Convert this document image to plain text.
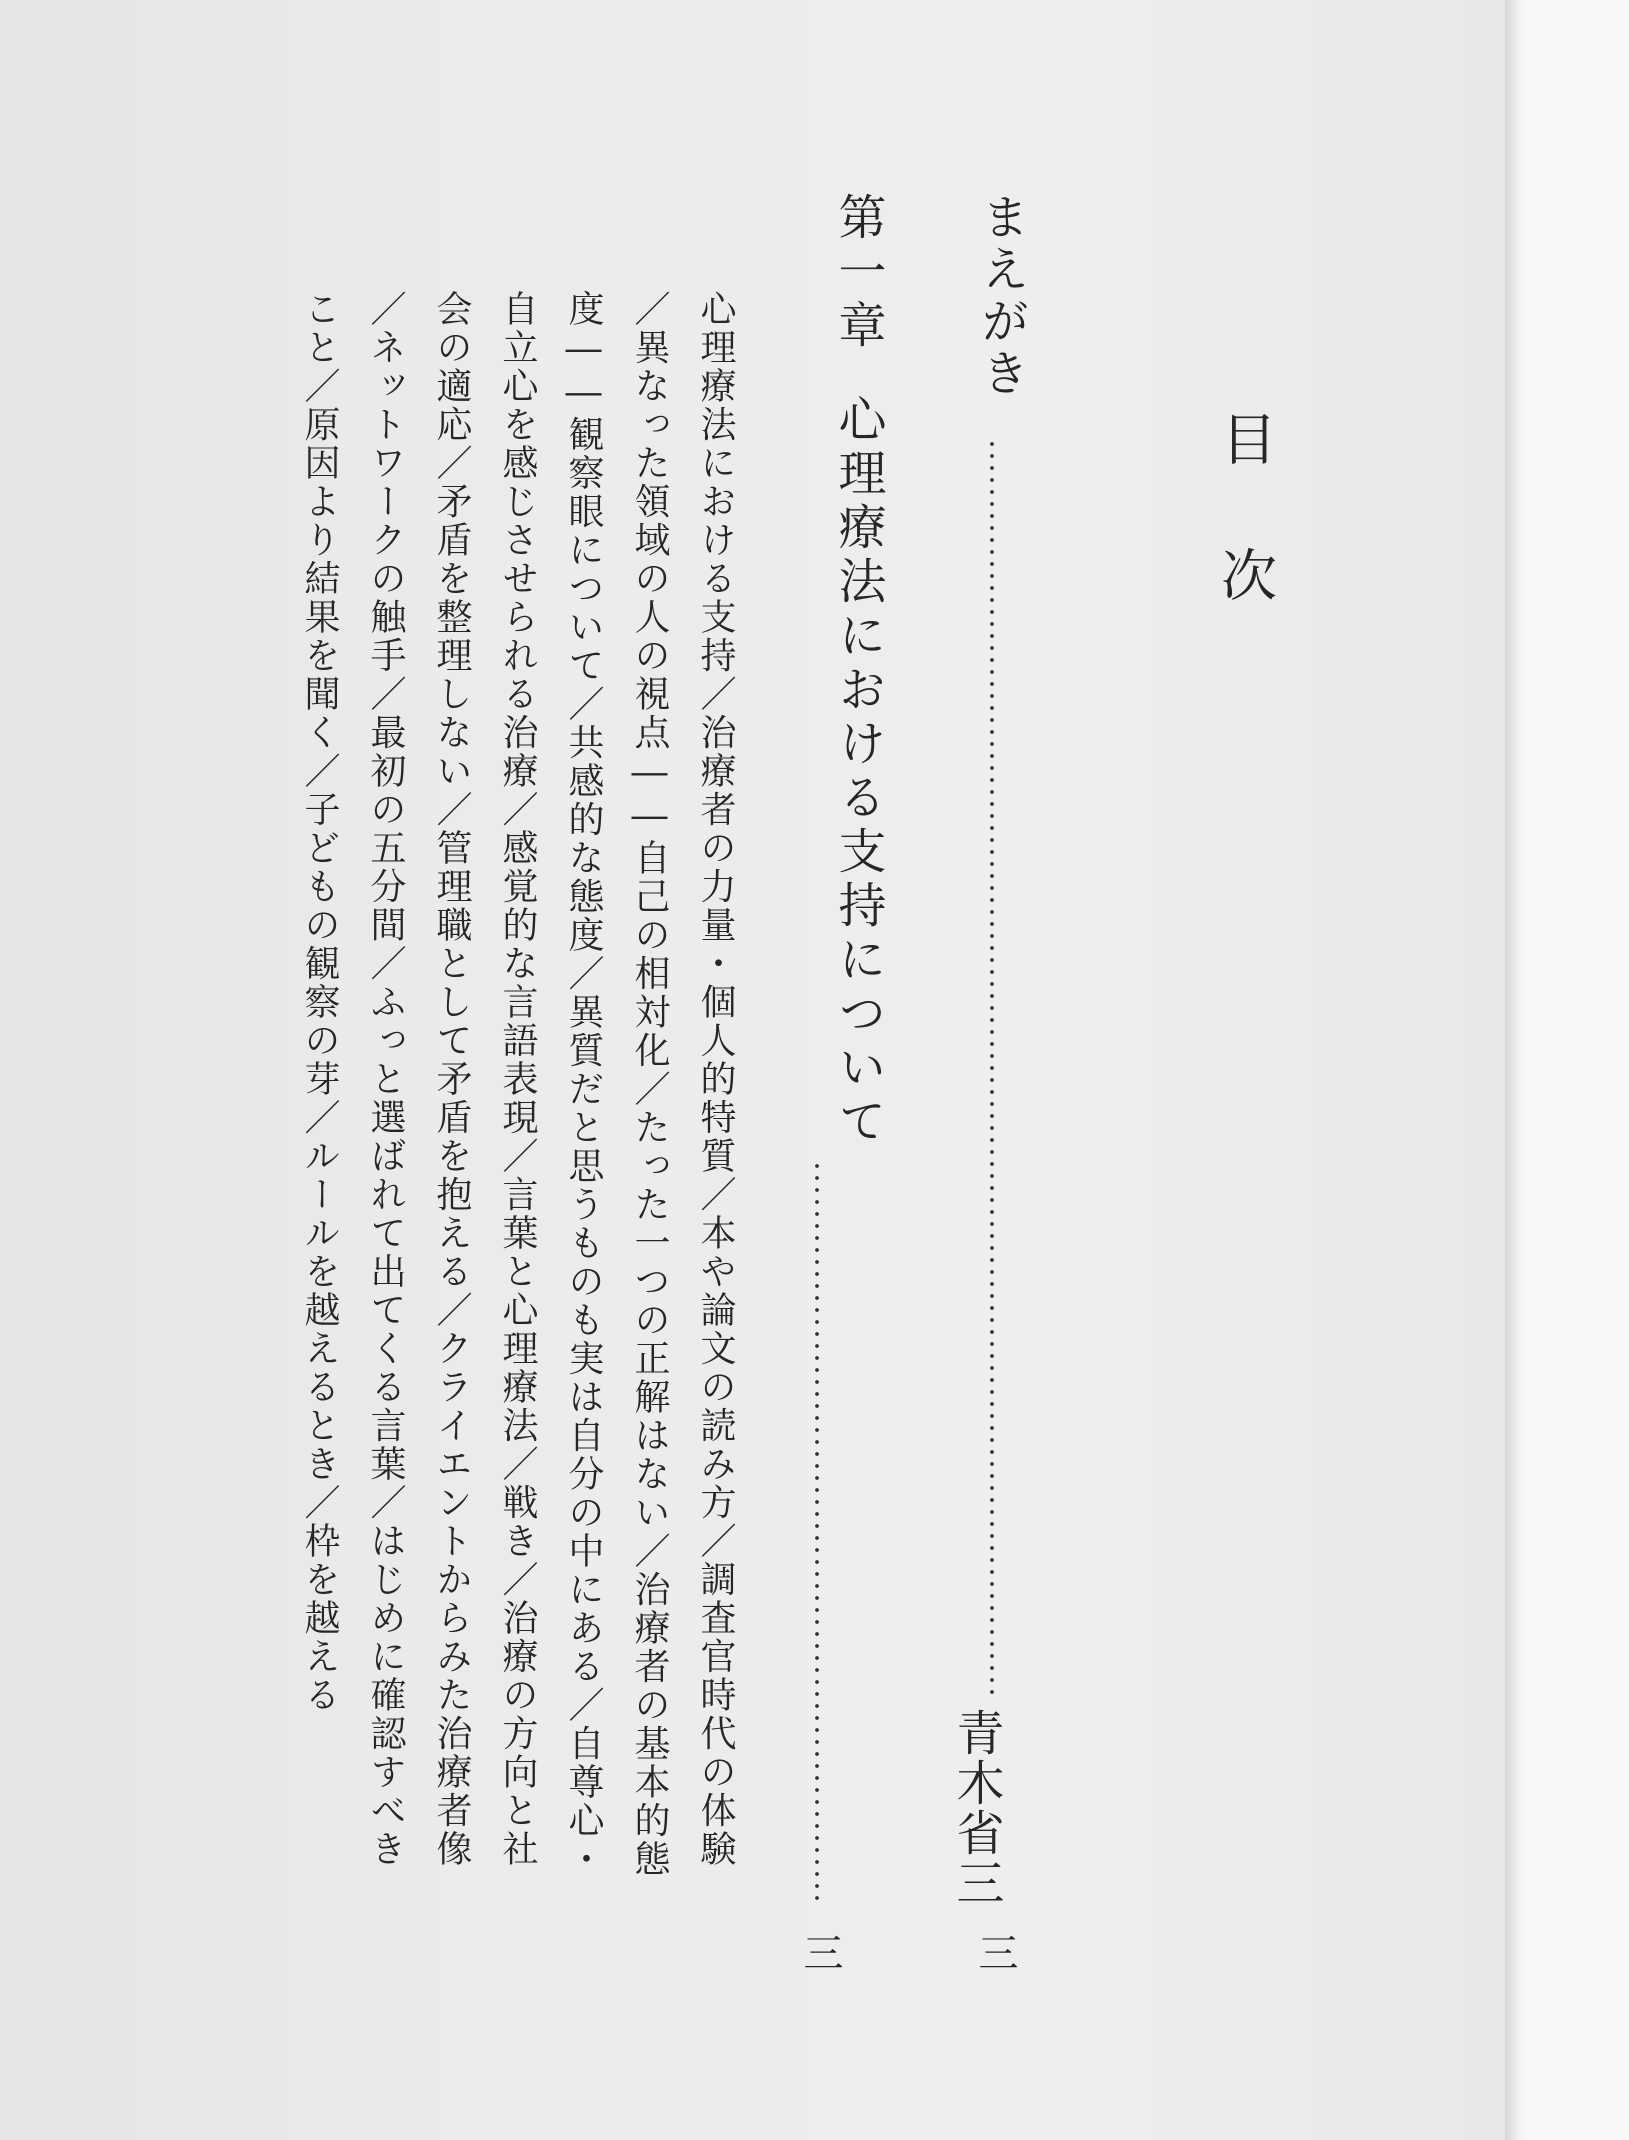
目次
まえがき
青木省三
三
第一章心理療法における支持について
三
心理療法における支持／治療者の力量・個人的特質／本や論文の読み方／調査官時代の体験／異なった領域の人の視点――自己の相対化／たった一つの正解はない／治療者の基本的態度――観察眼について／共感的な態度／異質だと思うものも実は自分の中にある／自尊心・自立心を感じさせられる治療／感覚的な言語表現／言葉と心理療法／戦き／治療の方向と社会の適応／矛盾を整理しない／管理職として矛盾を抱える／クライエントからみた治療者像／ネットワークの触手／最初の五分間／ふっと選ばれて出てくる言葉／はじめに確認すべきこと／原因より結果を聞く／子どもの観察の芽／ルールを越えるとき／枠を越える
